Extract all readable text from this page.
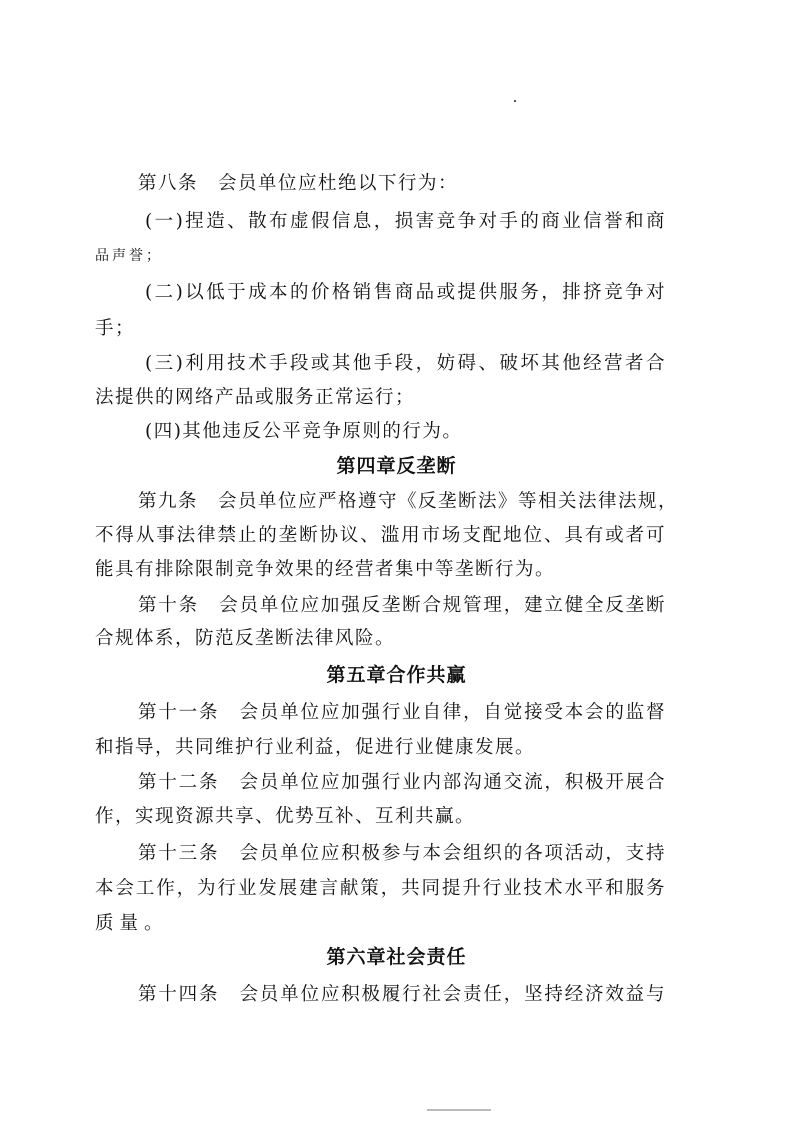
第八条　会员单位应杜绝以下行为：
(一)捏造、散布虚假信息，损害竞争对手的商业信誉和商
品声誉；
(二)以低于成本的价格销售商品或提供服务，排挤竞争对
手；
(三)利用技术手段或其他手段，妨碍、破坏其他经营者合
法提供的网络产品或服务正常运行；
(四)其他违反公平竞争原则的行为。
第四章反垄断
第九条　会员单位应严格遵守《反垄断法》等相关法律法规，
不得从事法律禁止的垄断协议、滥用市场支配地位、具有或者可
能具有排除限制竞争效果的经营者集中等垄断行为。
第十条　会员单位应加强反垄断合规管理，建立健全反垄断
合规体系，防范反垄断法律风险。
第五章合作共赢
第十一条　会员单位应加强行业自律，自觉接受本会的监督
和指导，共同维护行业利益，促进行业健康发展。
第十二条　会员单位应加强行业内部沟通交流，积极开展合
作，实现资源共享、优势互补、互利共赢。
第十三条　会员单位应积极参与本会组织的各项活动，支持
本会工作，为行业发展建言献策，共同提升行业技术水平和服务
质量。
第六章社会责任
第十四条　会员单位应积极履行社会责任，坚持经济效益与
